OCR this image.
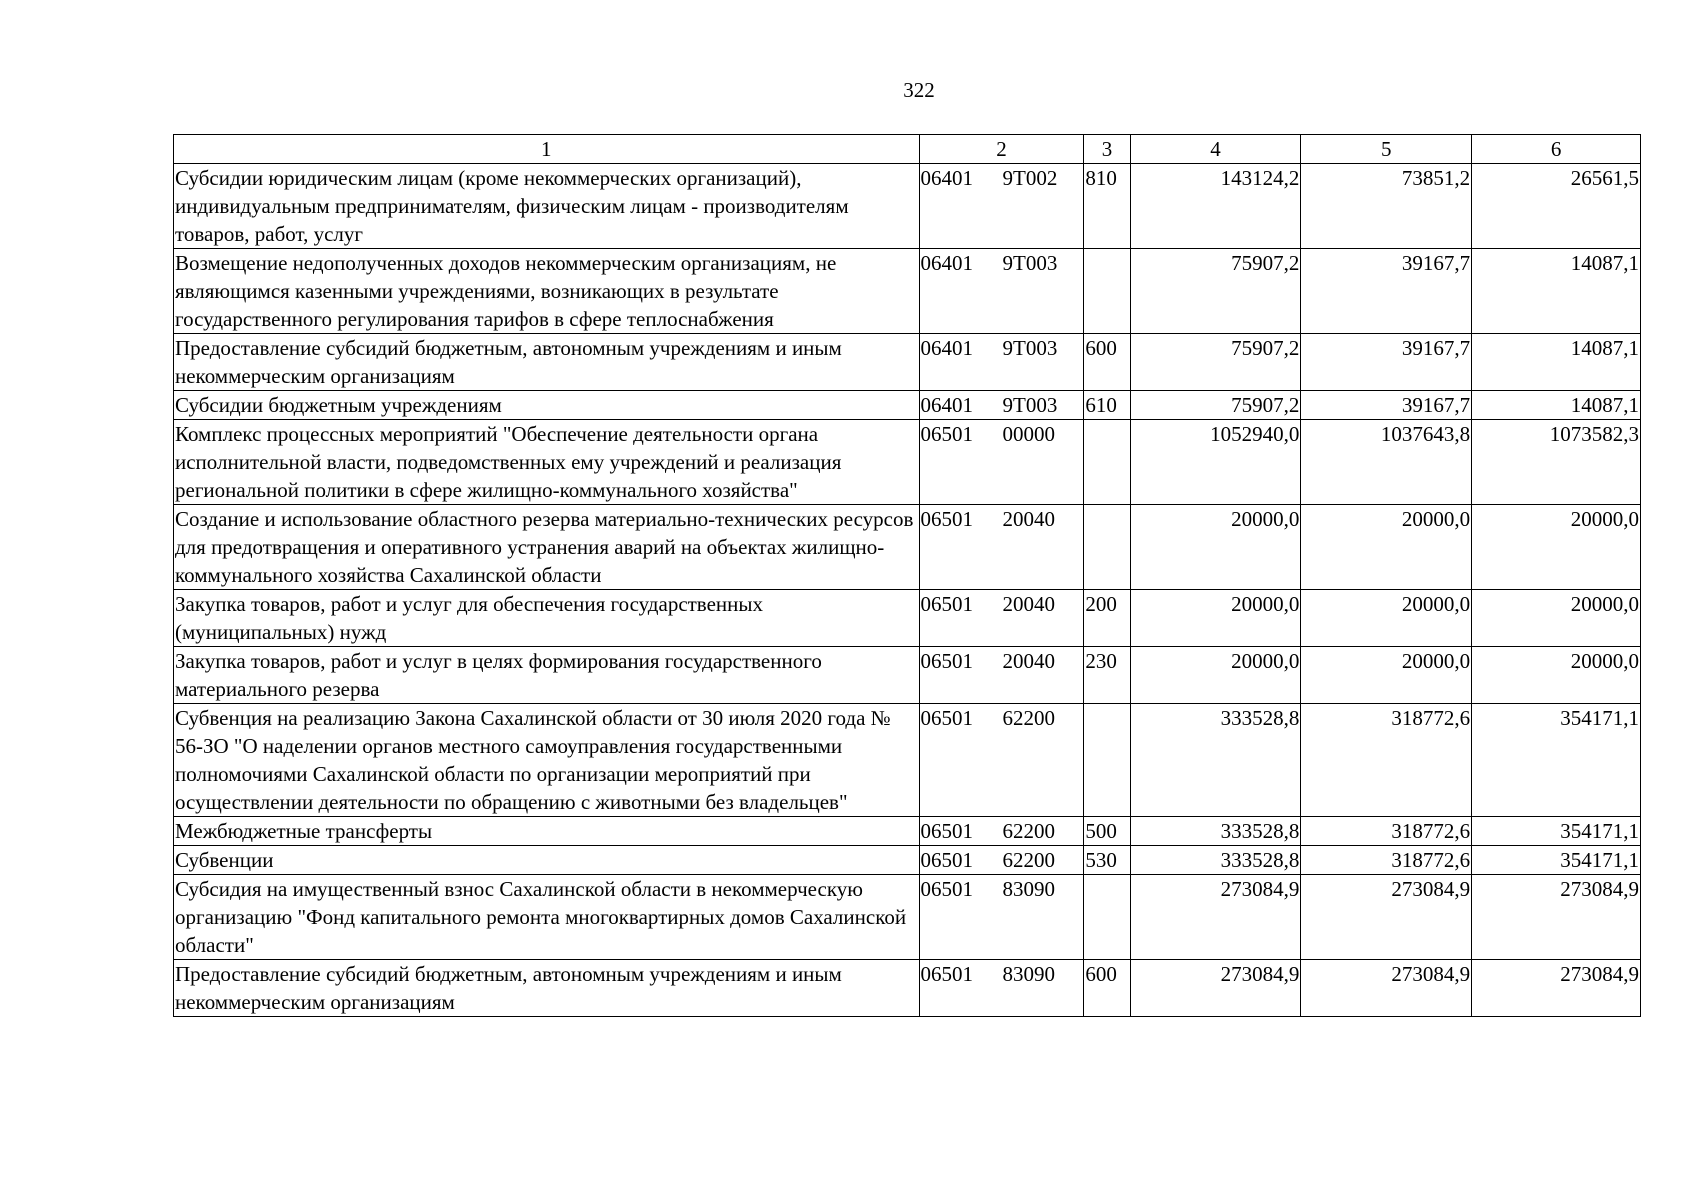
322
1	2	3	4	5	6
Субсидии юридическим лицам (кроме некоммерческих организаций), индивидуальным предпринимателям, физическим лицам - производителям товаров, работ, услуг	06401 9Т002	810	143124,2	73851,2	26561,5
Возмещение недополученных доходов некоммерческим организациям, не являющимся казенными учреждениями, возникающих в результате государственного регулирования тарифов в сфере теплоснабжения	06401 9Т003		75907,2	39167,7	14087,1
Предоставление субсидий бюджетным, автономным учреждениям и иным некоммерческим организациям	06401 9Т003	600	75907,2	39167,7	14087,1
Субсидии бюджетным учреждениям	06401 9Т003	610	75907,2	39167,7	14087,1
Комплекс процессных мероприятий "Обеспечение деятельности органа исполнительной власти, подведомственных ему учреждений и реализация региональной политики в сфере жилищно-коммунального хозяйства"	06501 00000		1052940,0	1037643,8	1073582,3
Создание и использование областного резерва материально-технических ресурсов для предотвращения и оперативного устранения аварий на объектах жилищно-коммунального хозяйства Сахалинской области	06501 20040		20000,0	20000,0	20000,0
Закупка товаров, работ и услуг для обеспечения государственных (муниципальных) нужд	06501 20040	200	20000,0	20000,0	20000,0
Закупка товаров, работ и услуг в целях формирования государственного материального резерва	06501 20040	230	20000,0	20000,0	20000,0
Субвенция на реализацию Закона Сахалинской области от 30 июля 2020 года № 56-ЗО "О наделении органов местного самоуправления государственными полномочиями Сахалинской области по организации мероприятий при осуществлении деятельности по обращению с животными без владельцев"	06501 62200		333528,8	318772,6	354171,1
Межбюджетные трансферты	06501 62200	500	333528,8	318772,6	354171,1
Субвенции	06501 62200	530	333528,8	318772,6	354171,1
Субсидия на имущественный взнос Сахалинской области в некоммерческую организацию "Фонд капитального ремонта многоквартирных домов Сахалинской области"	06501 83090		273084,9	273084,9	273084,9
Предоставление субсидий бюджетным, автономным учреждениям и иным некоммерческим организациям	06501 83090	600	273084,9	273084,9	273084,9
